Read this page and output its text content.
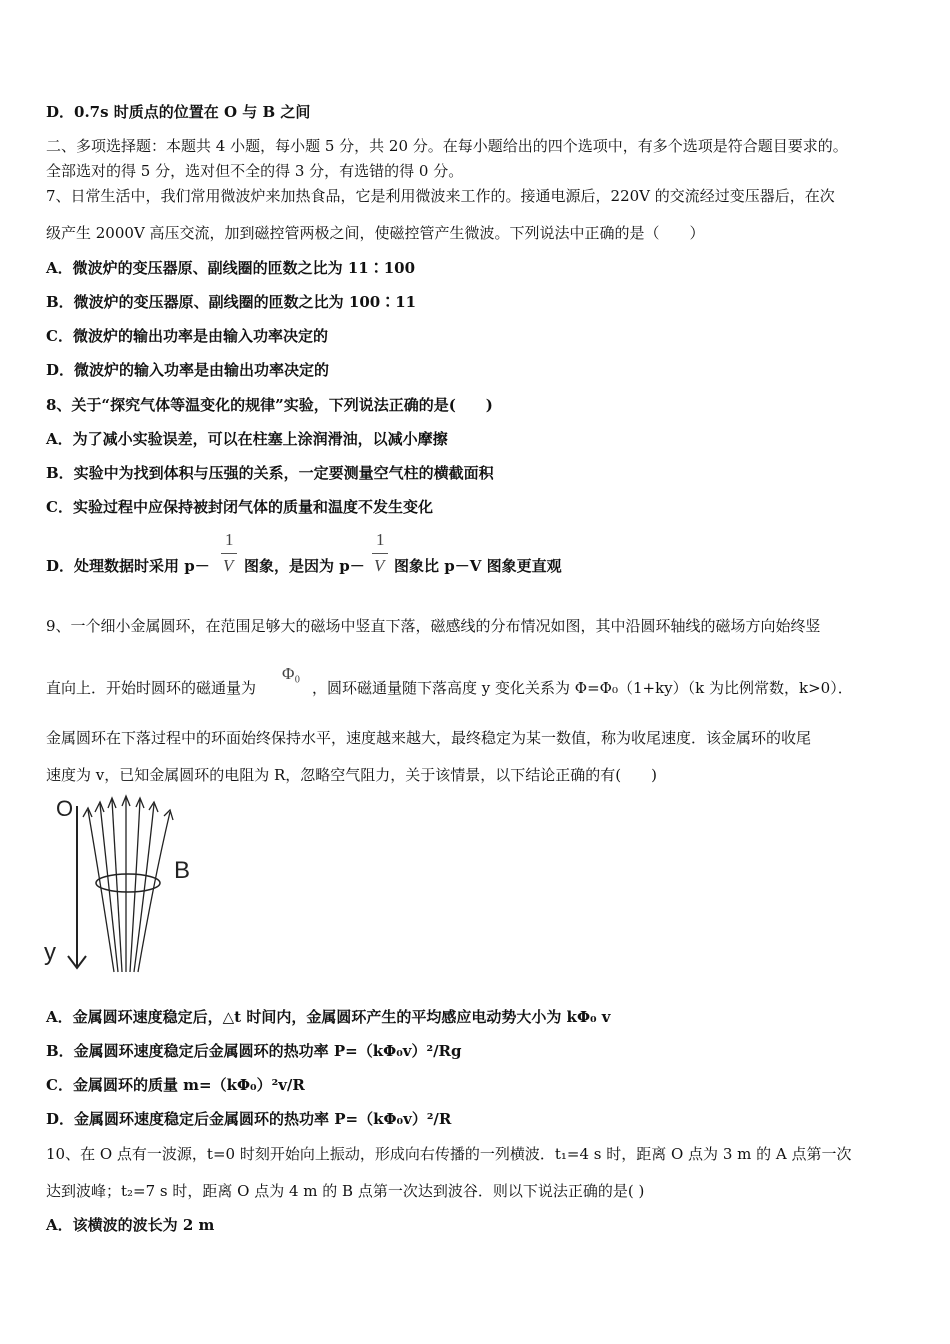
D．0.7s 时质点的位置在 O 与 B 之间
二、多项选择题：本题共 4 小题，每小题 5 分，共 20 分。在每小题给出的四个选项中，有多个选项是符合题目要求的。
全部选对的得 5 分，选对但不全的得 3 分，有选错的得 0 分。
7、日常生活中，我们常用微波炉来加热食品，它是利用微波来工作的。接通电源后，220V 的交流经过变压器后，在次
级产生 2000V 高压交流，加到磁控管两极之间，使磁控管产生微波。下列说法中正确的是（　　）
A．微波炉的变压器原、副线圈的匝数之比为 11∶100
B．微波炉的变压器原、副线圈的匝数之比为 100∶11
C．微波炉的输出功率是由输入功率决定的
D．微波炉的输入功率是由输出功率决定的
8、关于“探究气体等温变化的规律”实验，下列说法正确的是(　　)
A．为了减小实验误差，可以在柱塞上涂润滑油，以减小摩擦
B．实验中为找到体积与压强的关系，一定要测量空气柱的横截面积
C．实验过程中应保持被封闭气体的质量和温度不发生变化
D．处理数据时采用 p－
1
V 图象，是因为 p－
1
V 图象比 p－V 图象更直观
9、一个细小金属圆环，在范围足够大的磁场中竖直下落，磁感线的分布情况如图，其中沿圆环轴线的磁场方向始终竖
直向上．开始时圆环的磁通量为
Φ₀
，圆环磁通量随下落高度 y 变化关系为 Φ=Φ₀（1+ky）（k 为比例常数，k>0）．
金属圆环在下落过程中的环面始终保持水平，速度越来越大，最终稳定为某一数值，称为收尾速度．该金属环的收尾
速度为 v，已知金属圆环的电阻为 R，忽略空气阻力，关于该情景，以下结论正确的有(　　)
O
y
B
A．金属圆环速度稳定后，△t 时间内，金属圆环产生的平均感应电动势大小为 kΦ₀ v
B．金属圆环速度稳定后金属圆环的热功率 P=（kΦ₀v）²/Rg
C．金属圆环的质量 m=（kΦ₀）²v/R
D．金属圆环速度稳定后金属圆环的热功率 P=（kΦ₀v）²/R
10、在 O 点有一波源，t=0 时刻开始向上振动，形成向右传播的一列横波．t₁=4 s 时，距离 O 点为 3 m 的 A 点第一次
达到波峰；t₂=7 s 时，距离 O 点为 4 m 的 B 点第一次达到波谷．则以下说法正确的是( )
A．该横波的波长为 2 m
